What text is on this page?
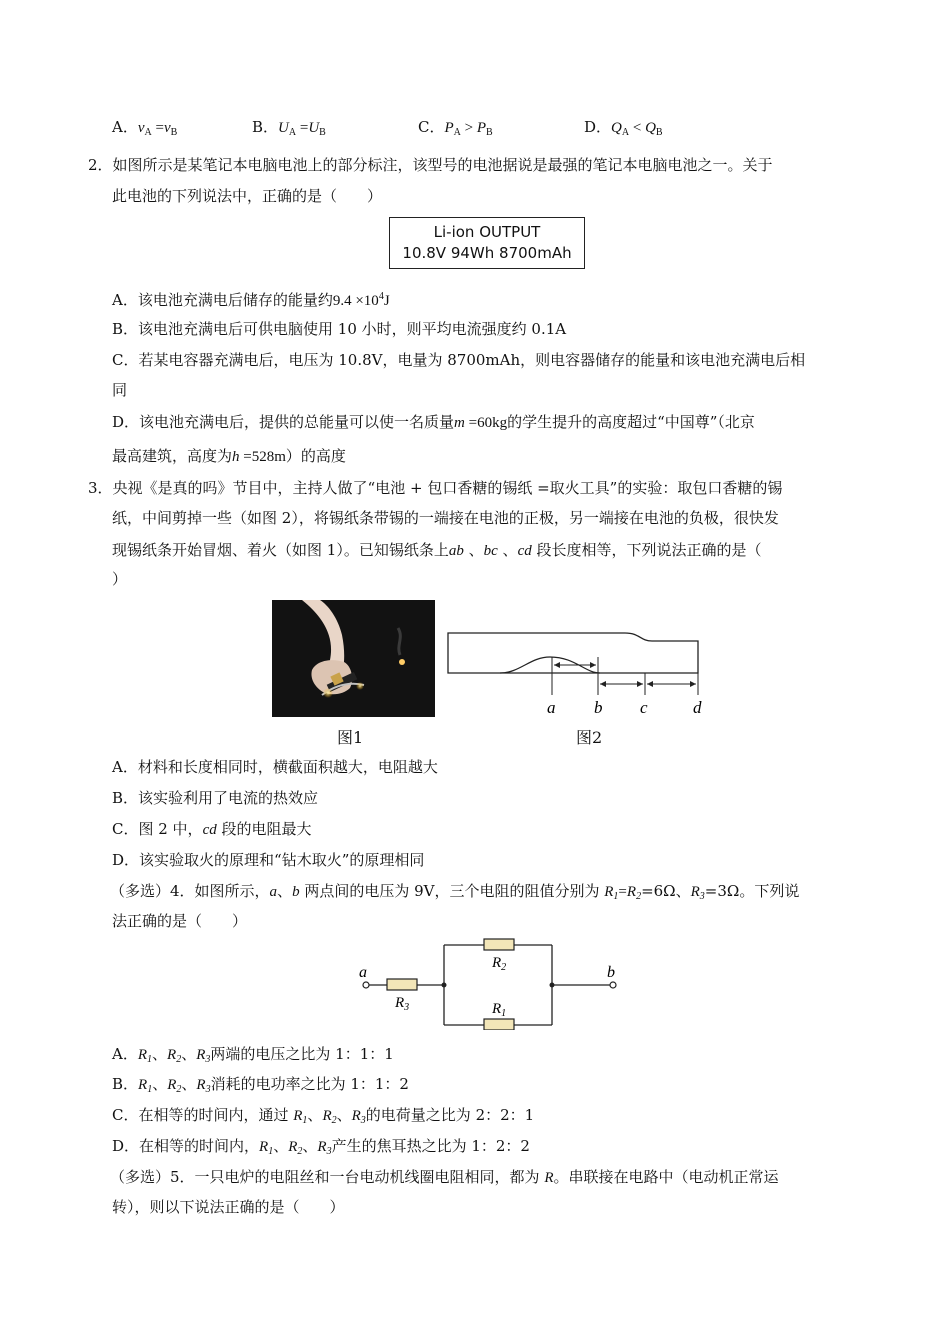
A．$v_A =v_B$	B．$U_A =U_B$	C．$P_A > P_B$	D．$Q_A < Q_B$
2．如图所示是某笔记本电脑电池上的部分标注，该型号的电池据说是最强的笔记本电脑电池之一。关于
此电池的下列说法中，正确的是（　　）
Li-ion OUTPUT
10.8V 94Wh 8700mAh
A．该电池充满电后储存的能量约$9.4 \times 10^4J$
B．该电池充满电后可供电脑使用 10 小时，则平均电流强度约 0.1A
C．若某电容器充满电后，电压为 10.8V，电量为 8700mAh，则电容器储存的能量和该电池充满电后相
同
D．该电池充满电后，提供的总能量可以使一名质量m =60kg的学生提升的高度超过“中国尊”（北京
最高建筑，高度为h =528m）的高度
3．央视《是真的吗》节目中，主持人做了“电池 + 包口香糖的锡纸 =取火工具”的实验：取包口香糖的锡
纸，中间剪掉一些（如图 2），将锡纸条带锡的一端接在电池的正极，另一端接在电池的负极，很快发
现锡纸条开始冒烟、着火（如图 1）。已知锡纸条上ab 、bc 、cd 段长度相等，下列说法正确的是（
）
a b c	d
图1	图2
A．材料和长度相同时，横截面积越大，电阻越大
B．该实验利用了电流的热效应
C．图 2 中，cd 段的电阻最大
D．该实验取火的原理和“钻木取火”的原理相同
（多选）4．如图所示，a、b 两点间的电压为 9V，三个电阻的阻值分别为 $R_1=R_2=6\Omega$、$R_3=3\Omega$。下列说
法正确的是（　　）
a	b
$R_3$
$R_2$
$R_1$
A．$R_1$、$R_2$、$R_3$两端的电压之比为 1：1：1
B．$R_1$、$R_2$、$R_3$消耗的电功率之比为 1：1：2
C．在相等的时间内，通过 $R_1$、$R_2$、$R_3$的电荷量之比为 2：2：1
D．在相等的时间内，$R_1$、$R_2$、$R_3$产生的焦耳热之比为 1：2：2
（多选）5．一只电炉的电阻丝和一台电动机线圈电阻相同，都为 R。串联接在电路中（电动机正常运
转），则以下说法正确的是（　　）
